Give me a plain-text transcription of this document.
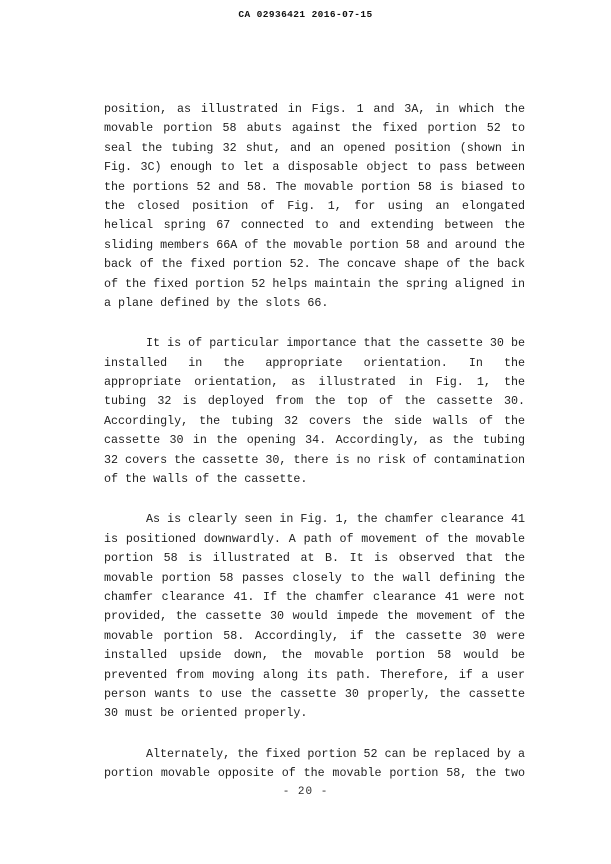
CA 02936421 2016-07-15
position, as illustrated in Figs. 1 and 3A, in which the
movable portion 58 abuts against the fixed portion 52 to
seal the tubing 32 shut, and an opened position (shown in
Fig. 3C) enough to let a disposable object to pass between
the portions 52 and 58. The movable portion 58 is biased to
the closed position of Fig. 1, for using an elongated
helical spring 67 connected to and extending between the
sliding members 66A of the movable portion 58 and around the
back of the fixed portion 52. The concave shape of the back
of the fixed portion 52 helps maintain the spring aligned in
a plane defined by the slots 66.
It is of particular importance that the cassette 30 be
installed in the appropriate orientation. In the
appropriate orientation, as illustrated in Fig. 1, the
tubing 32 is deployed from the top of the cassette 30.
Accordingly, the tubing 32 covers the side walls of the
cassette 30 in the opening 34. Accordingly, as the tubing
32 covers the cassette 30, there is no risk of contamination
of the walls of the cassette.
As is clearly seen in Fig. 1, the chamfer clearance 41
is positioned downwardly. A path of movement of the movable
portion 58 is illustrated at B. It is observed that the
movable portion 58 passes closely to the wall defining the
chamfer clearance 41. If the chamfer clearance 41 were not
provided, the cassette 30 would impede the movement of the
movable portion 58. Accordingly, if the cassette 30 were
installed upside down, the movable portion 58 would be
prevented from moving along its path. Therefore, if a user
person wants to use the cassette 30 properly, the cassette
30 must be oriented properly.
Alternately, the fixed portion 52 can be replaced by a
portion movable opposite of the movable portion 58, the two
- 20 -
